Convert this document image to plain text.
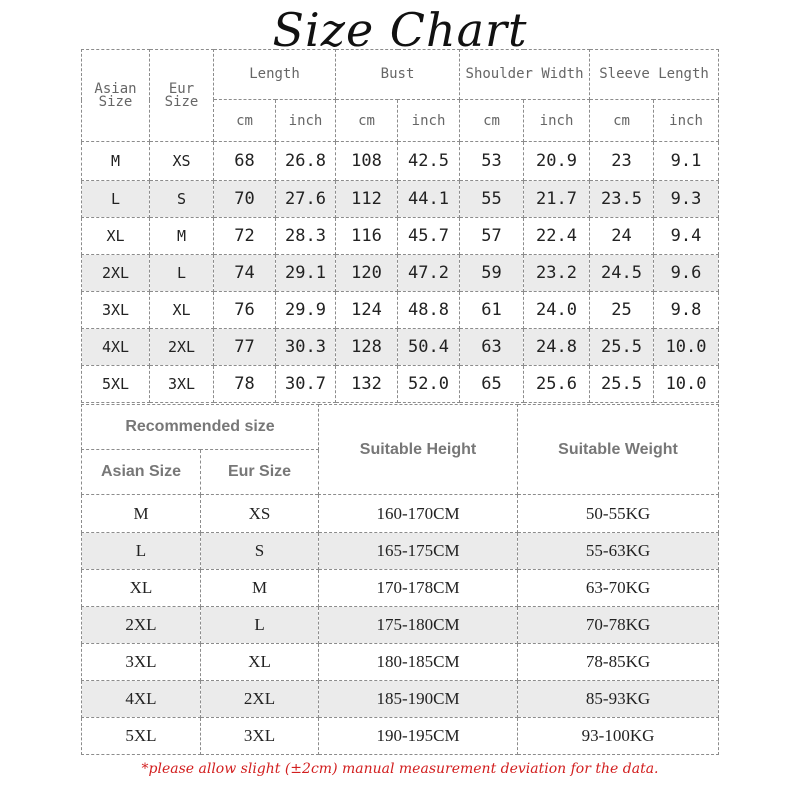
Size Chart
Asian Size	Eur Size	Length		Bust		Shoulder Width		Sleeve Length	
		cm	inch	cm	inch	cm	inch	cm	inch
M	XS	68	26.8	108	42.5	53	20.9	23	9.1
L	S	70	27.6	112	44.1	55	21.7	23.5	9.3
XL	M	72	28.3	116	45.7	57	22.4	24	9.4
2XL	L	74	29.1	120	47.2	59	23.2	24.5	9.6
3XL	XL	76	29.9	124	48.8	61	24.0	25	9.8
4XL	2XL	77	30.3	128	50.4	63	24.8	25.5	10.0
5XL	3XL	78	30.7	132	52.0	65	25.6	25.5	10.0
Recommended size		Suitable Height	Suitable Weight
Asian Size	Eur Size		
M	XS	160-170CM	50-55KG
L	S	165-175CM	55-63KG
XL	M	170-178CM	63-70KG
2XL	L	175-180CM	70-78KG
3XL	XL	180-185CM	78-85KG
4XL	2XL	185-190CM	85-93KG
5XL	3XL	190-195CM	93-100KG
*please allow slight (±2cm) manual measurement deviation for the data.
